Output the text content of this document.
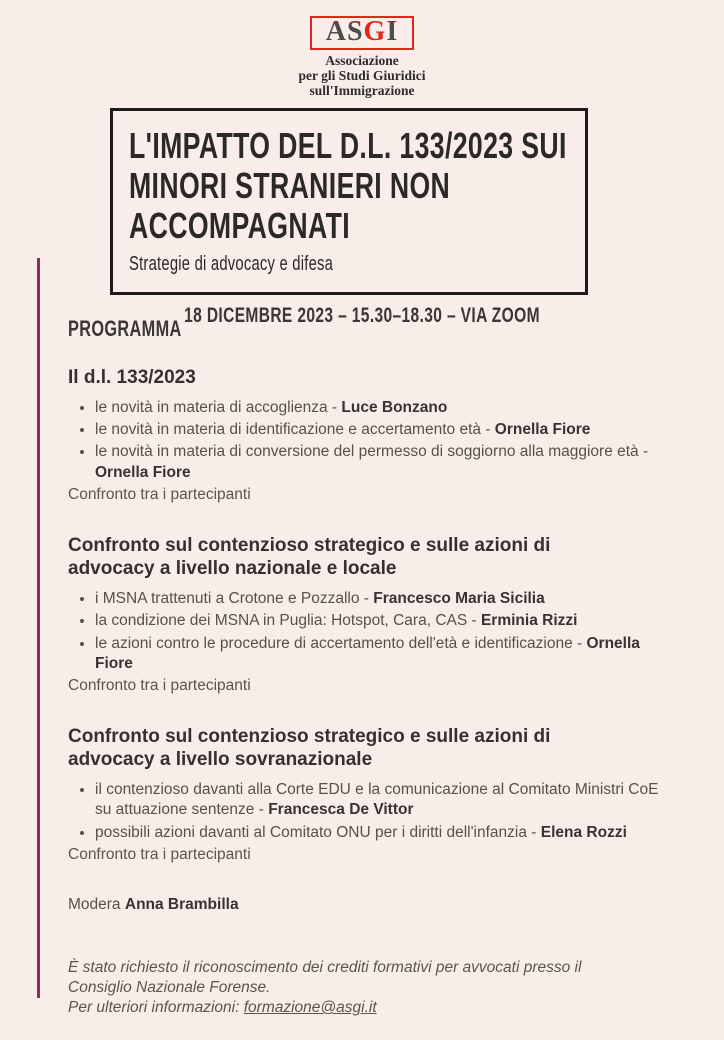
ASGI
Associazione
per gli Studi Giuridici
sull'Immigrazione
L'IMPATTO DEL D.L. 133/2023 SUI MINORI STRANIERI NON ACCOMPAGNATI
Strategie di advocacy e difesa
18 DICEMBRE 2023 – 15.30–18.30 – VIA ZOOM
PROGRAMMA
Il d.l. 133/2023
• le novità in materia di accoglienza - Luce Bonzano
• le novità in materia di identificazione e accertamento età - Ornella Fiore
• le novità in materia di conversione del permesso di soggiorno alla maggiore età - Ornella Fiore

Confronto tra i partecipanti

Confronto sul contenzioso strategico e sulle azioni di advocacy a livello nazionale e locale
• i MSNA trattenuti a Crotone e Pozzallo - Francesco Maria Sicilia
• la condizione dei MSNA in Puglia: Hotspot, Cara, CAS - Erminia Rizzi
• le azioni contro le procedure di accertamento dell'età e identificazione - Ornella Fiore

Confronto tra i partecipanti

Confronto sul contenzioso strategico e sulle azioni di advocacy a livello sovranazionale
• il contenzioso davanti alla Corte EDU e la comunicazione al Comitato Ministri CoE su attuazione sentenze - Francesca De Vittor
• possibili azioni davanti al Comitato ONU per i diritti dell'infanzia - Elena Rozzi

Confronto tra i partecipanti

Modera Anna Brambilla

È stato richiesto il riconoscimento dei crediti formativi per avvocati presso il Consiglio Nazionale Forense.
Per ulteriori informazioni: formazione@asgi.it
